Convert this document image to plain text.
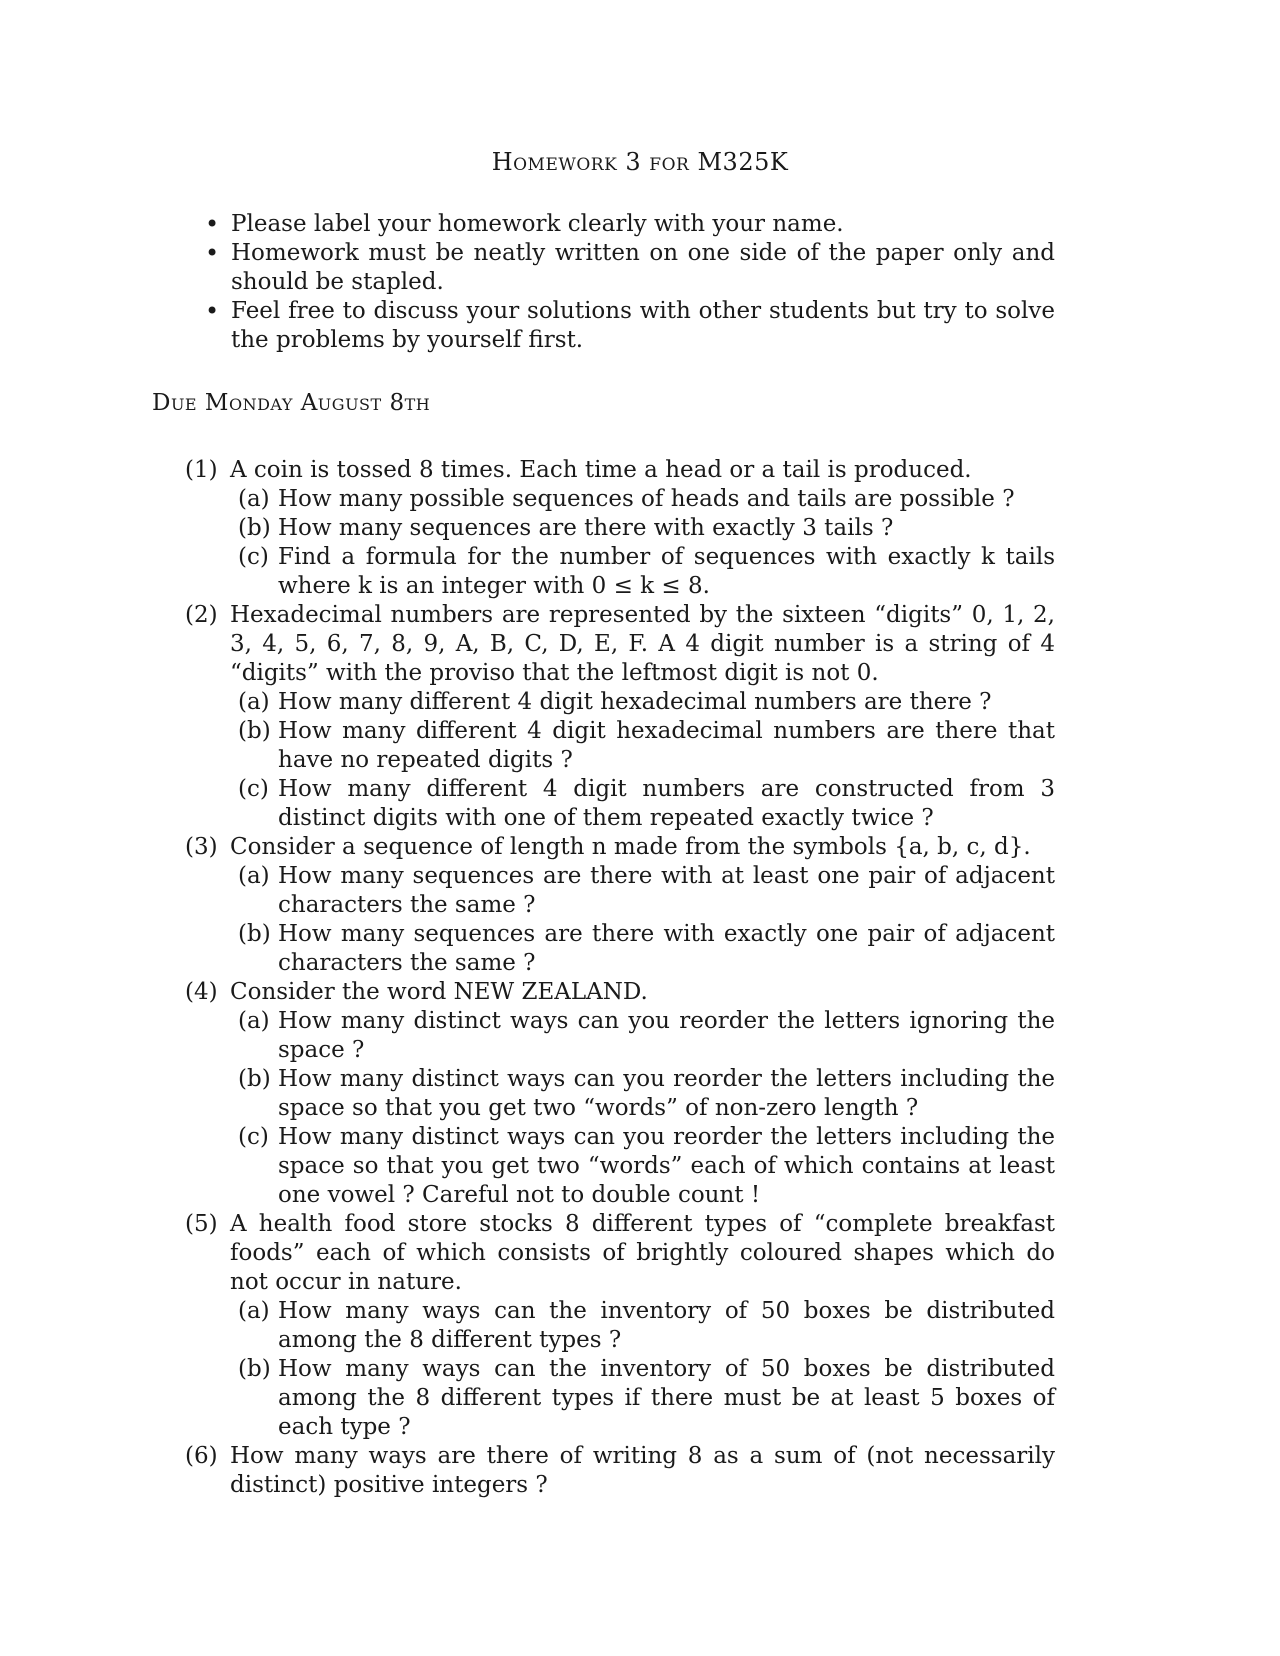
Homework 3 for M325K
• Please label your homework clearly with your name.
• Homework must be neatly written on one side of the paper only and should be stapled.
• Feel free to discuss your solutions with other students but try to solve the problems by yourself first.
Due Monday August 8th
(1) A coin is tossed 8 times. Each time a head or a tail is produced.
(a) How many possible sequences of heads and tails are possible ?
(b) How many sequences are there with exactly 3 tails ?
(c) Find a formula for the number of sequences with exactly k tails where k is an integer with 0 ≤ k ≤ 8.
(2) Hexadecimal numbers are represented by the sixteen “digits” 0, 1, 2, 3, 4, 5, 6, 7, 8, 9, A, B, C, D, E, F. A 4 digit number is a string of 4 “digits” with the proviso that the leftmost digit is not 0.
(a) How many different 4 digit hexadecimal numbers are there ?
(b) How many different 4 digit hexadecimal numbers are there that have no repeated digits ?
(c) How many different 4 digit numbers are constructed from 3 distinct digits with one of them repeated exactly twice ?
(3) Consider a sequence of length n made from the symbols {a, b, c, d}.
(a) How many sequences are there with at least one pair of adjacent characters the same ?
(b) How many sequences are there with exactly one pair of adjacent characters the same ?
(4) Consider the word NEW ZEALAND.
(a) How many distinct ways can you reorder the letters ignoring the space ?
(b) How many distinct ways can you reorder the letters including the space so that you get two “words” of non-zero length ?
(c) How many distinct ways can you reorder the letters including the space so that you get two “words” each of which contains at least one vowel ? Careful not to double count !
(5) A health food store stocks 8 different types of “complete breakfast foods” each of which consists of brightly coloured shapes which do not occur in nature.
(a) How many ways can the inventory of 50 boxes be distributed among the 8 different types ?
(b) How many ways can the inventory of 50 boxes be distributed among the 8 different types if there must be at least 5 boxes of each type ?
(6) How many ways are there of writing 8 as a sum of (not necessarily distinct) positive integers ?
